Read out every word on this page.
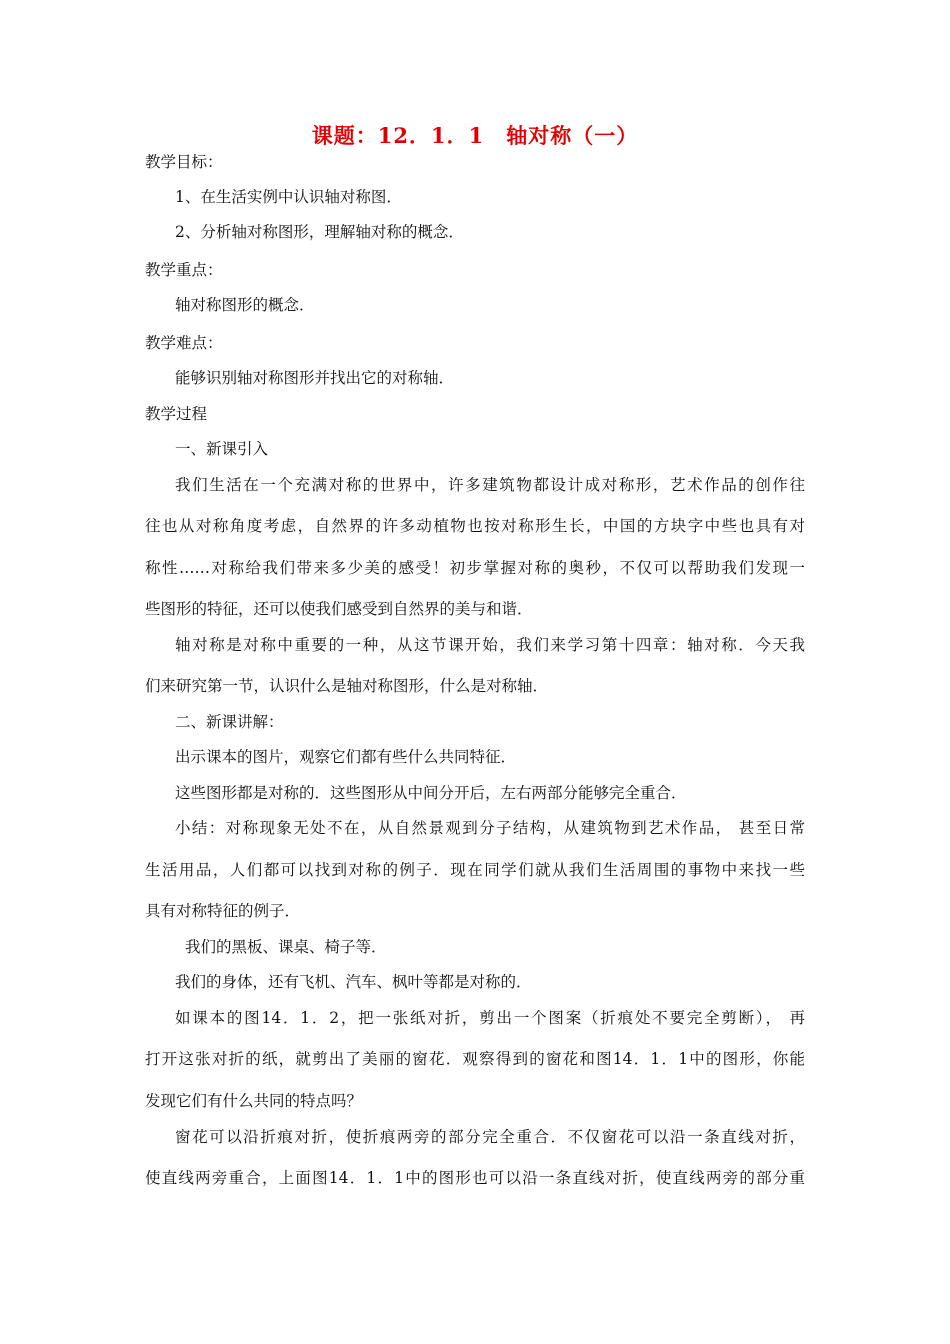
课题：12．1．1　轴对称（一）
教学目标：
1、在生活实例中认识轴对称图．
2、分析轴对称图形，理解轴对称的概念．
教学重点：
轴对称图形的概念．
教学难点：
能够识别轴对称图形并找出它的对称轴．
教学过程
一、新课引入
我们生活在一个充满对称的世界中，许多建筑物都设计成对称形，艺术作品的创作往
往也从对称角度考虑，自然界的许多动植物也按对称形生长，中国的方块字中些也具有对
称性……对称给我们带来多少美的感受！初步掌握对称的奥秒，不仅可以帮助我们发现一
些图形的特征，还可以使我们感受到自然界的美与和谐．
轴对称是对称中重要的一种，从这节课开始，我们来学习第十四章：轴对称．今天我
们来研究第一节，认识什么是轴对称图形，什么是对称轴．
二、新课讲解：
出示课本的图片，观察它们都有些什么共同特征．
这些图形都是对称的．这些图形从中间分开后，左右两部分能够完全重合．
小结：对称现象无处不在，从自然景观到分子结构，从建筑物到艺术作品， 甚至日常
生活用品，人们都可以找到对称的例子．现在同学们就从我们生活周围的事物中来找一些
具有对称特征的例子．
我们的黑板、课桌、椅子等．
我们的身体，还有飞机、汽车、枫叶等都是对称的．
如课本的图14．1．2，把一张纸对折，剪出一个图案（折痕处不要完全剪断）， 再
打开这张对折的纸，就剪出了美丽的窗花．观察得到的窗花和图14．1．1中的图形，你能
发现它们有什么共同的特点吗？
窗花可以沿折痕对折，使折痕两旁的部分完全重合．不仅窗花可以沿一条直线对折，
使直线两旁重合，上面图14．1．1中的图形也可以沿一条直线对折，使直线两旁的部分重
